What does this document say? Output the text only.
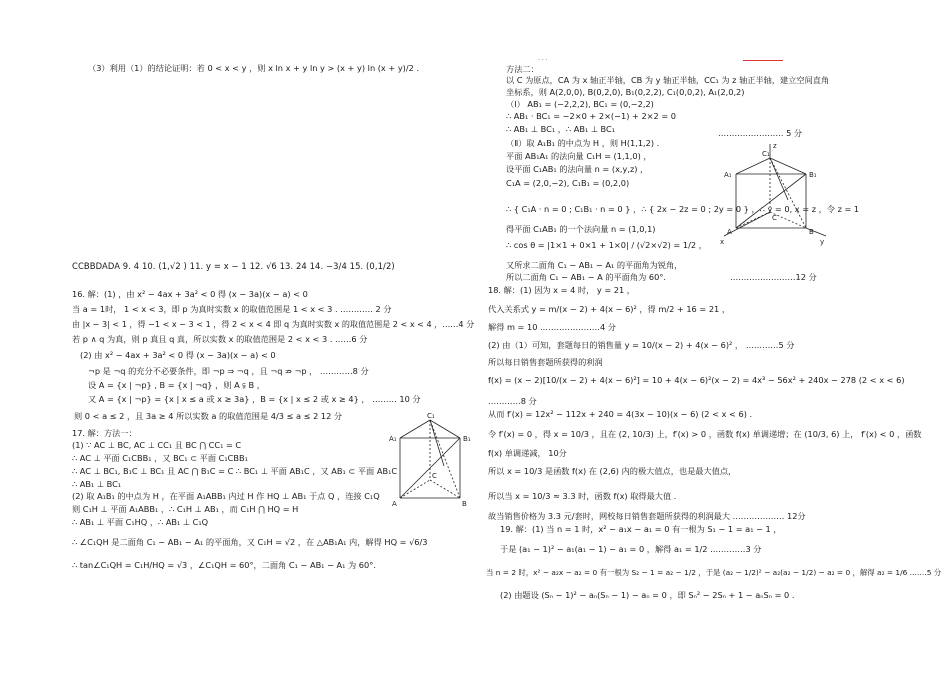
（3）利用（1）的结论证明：若 0 < x < y ，则 x ln x + y ln y > (x + y) ln (x + y)/2 .
CCBBDADA 9. 4 10. (1,√2 ) 11. y = x − 1 12. √6 13. 24 14. −3/4 15. (0,1/2)
16. 解：(1) ，由 x² − 4ax + 3a² < 0 得 (x − 3a)(x − a) < 0
当 a = 1时， 1 < x < 3，即 p 为真时实数 x 的取值范围是 1 < x < 3 . ………… 2 分
由 |x − 3| < 1 ，得 −1 < x − 3 < 1 ，得 2 < x < 4 即 q 为真时实数 x 的取值范围是 2 < x < 4 ，……4 分
若 p ∧ q 为真，则 p 真且 q 真，所以实数 x 的取值范围是 2 < x < 3 . ……6 分
(2) 由 x² − 4ax + 3a² < 0 得 (x − 3a)(x − a) < 0
¬p 是 ¬q 的充分不必要条件，即 ¬p ⇒ ¬q ，且 ¬q ⇏ ¬p ， …………8 分
设 A = {x | ¬p} , B = {x | ¬q} ，则 A ⫋ B ，
又 A = {x | ¬p} = {x | x ≤ a 或 x ≥ 3a} ，B = {x | x ≤ 2 或 x ≥ 4} ， ……… 10 分
则 0 < a ≤ 2 ，且 3a ≥ 4 所以实数 a 的取值范围是 4/3 ≤ a ≤ 2 12 分
17. 解：方法一：
(1) ∵ AC ⊥ BC, AC ⊥ CC₁ 且 BC ⋂ CC₁ = C
∴ AC ⊥ 平面 C₁CBB₁ ，又 BC₁ ⊂ 平面 C₁CBB₁
∴ AC ⊥ BC₁, B₁C ⊥ BC₁ 且 AC ⋂ B₁C = C ∴ BC₁ ⊥ 平面 AB₁C ，又 AB₁ ⊂ 平面 AB₁C
∴ AB₁ ⊥ BC₁
(2) 取 A₁B₁ 的中点为 H ，在平面 A₁ABB₁ 内过 H 作 HQ ⊥ AB₁ 于点 Q ，连接 C₁Q
则 C₁H ⊥ 平面 A₁ABB₁ ，∴ C₁H ⊥ AB₁ ，而 C₁H ⋂ HQ = H
∴ AB₁ ⊥ 平面 C₁HQ ，∴ AB₁ ⊥ C₁Q
∴ ∠C₁QH 是二面角 C₁ − AB₁ − A₁ 的平面角，又 C₁H = √2 ，在 △AB₁A₁ 内，解得 HQ = √6/3
∴ tan∠C₁QH = C₁H/HQ = √3 ，∠C₁QH = 60°，二面角 C₁ − AB₁ − A₁ 为 60°.
C₁
A₁	B₁
C
A	B
· · ·
方法二：
以 C 为原点，CA 为 x 轴正半轴，CB 为 y 轴正半轴，CC₁ 为 z 轴正半轴，建立空间直角
坐标系，则 A(2,0,0), B(0,2,0), B₁(0,2,2), C₁(0,0,2), A₁(2,0,2)
（Ⅰ） AB₁ = (−2,2,2), BC₁ = (0,−2,2)
∴ AB₁ · BC₁ = −2×0 + 2×(−1) + 2×2 = 0
∴ AB₁ ⊥ BC₁ ，∴ AB₁ ⊥ BC₁
（Ⅱ）取 A₁B₁ 的中点为 H ，则 H(1,1,2) .
平面 AB₁A₁ 的法向量 C₁H = (1,1,0) ，
设平面 C₁AB₁ 的法向量 n = (x,y,z) ，
C₁A = (2,0,−2), C₁B₁ = (0,2,0)
∴ { C₁A · n = 0 ; C₁B₁ · n = 0 } ，∴ { 2x − 2z = 0 ; 2y = 0 } ，∴ y = 0, x = z ，令 z = 1
得平面 C₁AB₁ 的一个法向量 n = (1,0,1)
∴ cos θ = |1×1 + 0×1 + 1×0| / (√2×√2) = 1/2 ，
又所求二面角 C₁ − AB₁ − A₁ 的平面角为锐角，
所以二面角 C₁ − AB₁ − A 的平面角为 60°.
…………………… 5 分
……………………12 分
C₁
A₁	B₁
C
A	B
z
y
x
18. 解：(1) 因为 x = 4 时， y = 21 ，
代入关系式 y = m/(x − 2) + 4(x − 6)² ，得 m/2 + 16 = 21 ，
解得 m = 10 .…………………4 分
(2) 由（1）可知，套题每日的销售量 y = 10/(x − 2) + 4(x − 6)² ， …………5 分
所以每日销售套题所获得的利润
f(x) = (x − 2)[10/(x − 2) + 4(x − 6)²] = 10 + 4(x − 6)²(x − 2) = 4x³ − 56x² + 240x − 278 (2 < x < 6)
…………8 分
从而 f′(x) = 12x² − 112x + 240 = 4(3x − 10)(x − 6) (2 < x < 6) .
令 f′(x) = 0 ，得 x = 10/3 ，且在 (2, 10/3) 上，f′(x) > 0 ，函数 f(x) 单调递增；在 (10/3, 6) 上， f′(x) < 0 ，函数
f(x) 单调递减， 10分
所以 x = 10/3 是函数 f(x) 在 (2,6) 内的极大值点，也是最大值点，
所以当 x = 10/3 ≈ 3.3 时，函数 f(x) 取得最大值 .
故当销售价格为 3.3 元/套时，网校每日销售套题所获得的利润最大 .……………… 12分
19. 解：(1) 当 n = 1 时，x² − a₁x − a₁ = 0 有一根为 S₁ − 1 = a₁ − 1 ，
于是 (a₁ − 1)² − a₁(a₁ − 1) − a₁ = 0 ，解得 a₁ = 1/2 .…………3 分
当 n = 2 时，x² − a₂x − a₂ = 0 有一根为 S₂ − 1 = a₂ − 1/2 ，于是 (a₂ − 1/2)² − a₂(a₂ − 1/2) − a₂ = 0 ，解得 a₂ = 1/6 .……5 分
(2) 由题设 (Sₙ − 1)² − aₙ(Sₙ − 1) − aₙ = 0 ，即 Sₙ² − 2Sₙ + 1 − aₙSₙ = 0 .
